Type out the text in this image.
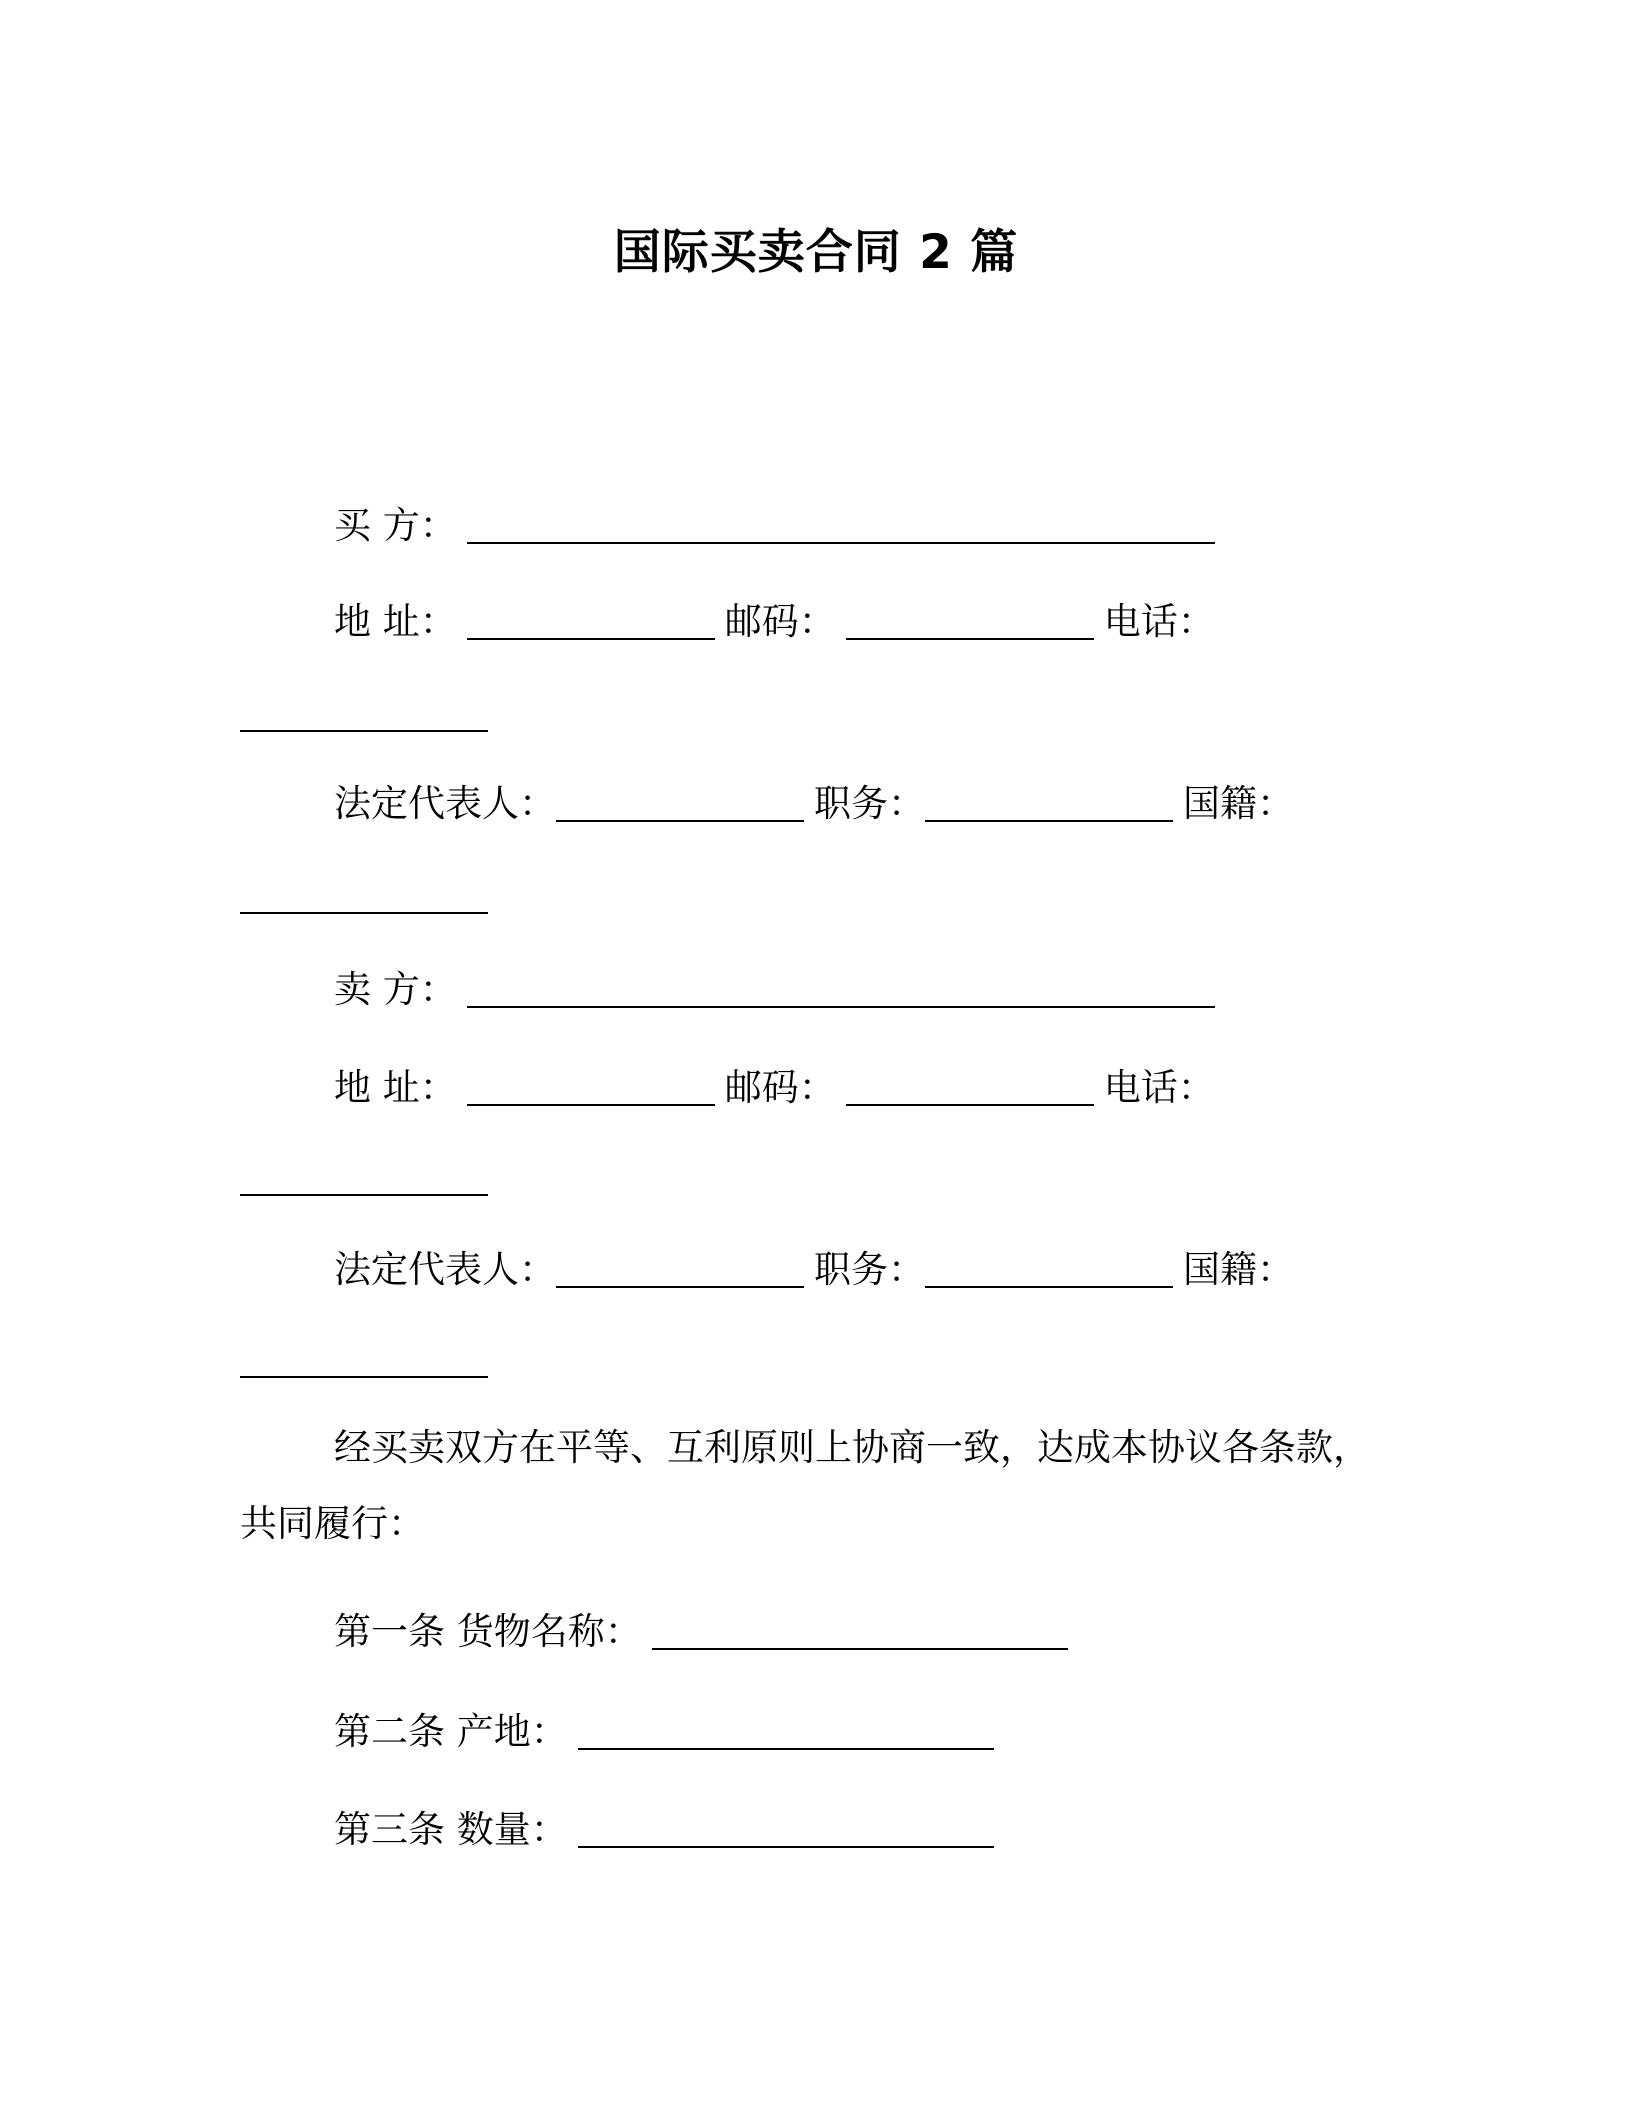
国际买卖合同 2 篇
买 方：
地 址：	邮码：	电话：
法定代表人：	职务：	国籍：
卖 方：
地 址：	邮码：	电话：
法定代表人：	职务：	国籍：
经买卖双方在平等、互利原则上协商一致，达成本协议各条款，
共同履行：
第一条 货物名称：
第二条 产地：
第三条 数量：
